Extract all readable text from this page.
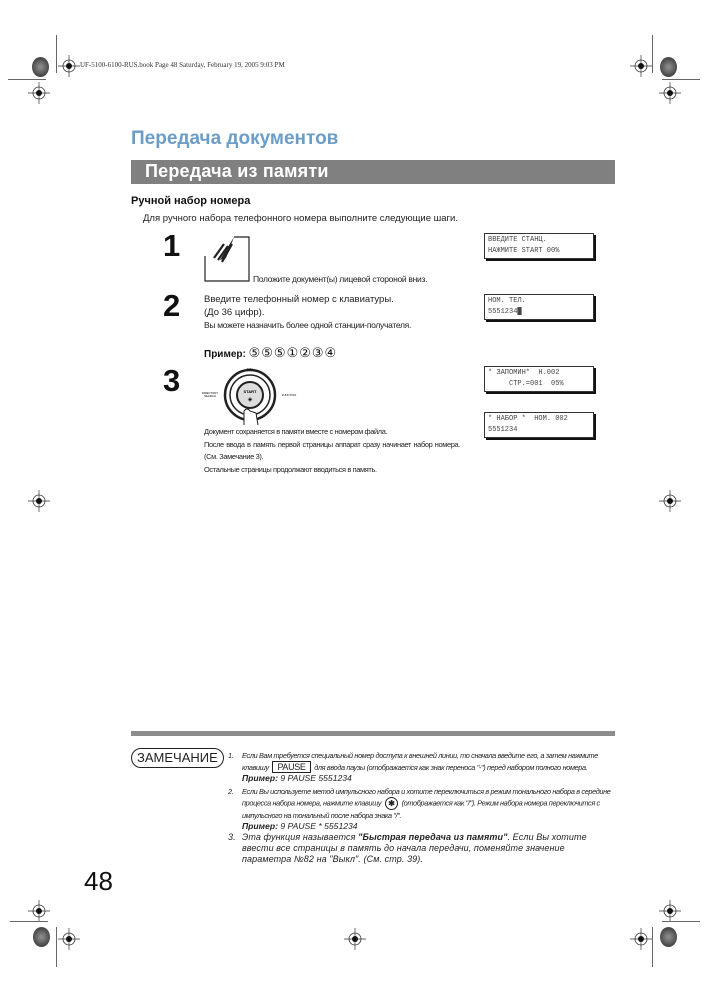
UF-5100-6100-RUS.book Page 48 Saturday, February 19, 2005 9:03 PM
Передача документов
Передача из памяти
Ручной набор номера
Для ручного набора телефонного номера выполните следующие шаги.
1
Положите документ(ы) лицевой стороной вниз.
ВВЕДИТЕ СТАНЦ.
НАЖМИТЕ START 00%
2	Введите телефонный номер с клавиатуры.
(До 36 цифр).
Вы можете назначить более одной станции-получателя.
НОМ. ТЕЛ.
5551234█
Пример: ⑤⑤⑤①②③④
3	START
◈
DIAL
DIRECTORY
SEARCH	FUNCTION
Документ сохраняется в памяти вместе с номером файла.
После ввода в память первой страницы аппарат сразу начинает набор номера. (См. Замечание 3).
Остальные страницы продолжают вводиться в память.
* ЗАПОМИН*  Н.002
СТР.=001  05%
* НАБОР *  НОМ. 002
5551234
ЗАМЕЧАНИЕ	1. Если Вам требуется специальный номер доступа к внешней линии, то сначала введите его, а затем нажмите клавишу PAUSE для ввода паузы (отображается как знак переноса "-") перед набором полного номера.
Пример: 9 PAUSE 5551234
2. Если Вы используете метод импульсного набора и хотите переключиться в режим тонального набора в середине процесса набора номера, нажмите клавишу ✱ (отображается как "/"). Режим набора номера переключится с импульсного на тональный после набора знака "/".
Пример: 9 PAUSE * 5551234
3. Эта функция называется "Быстрая передача из памяти". Если Вы хотите ввести все страницы в память до начала передачи, поменяйте значение параметра №82 на "Выкл". (См. стр. 39).
48
